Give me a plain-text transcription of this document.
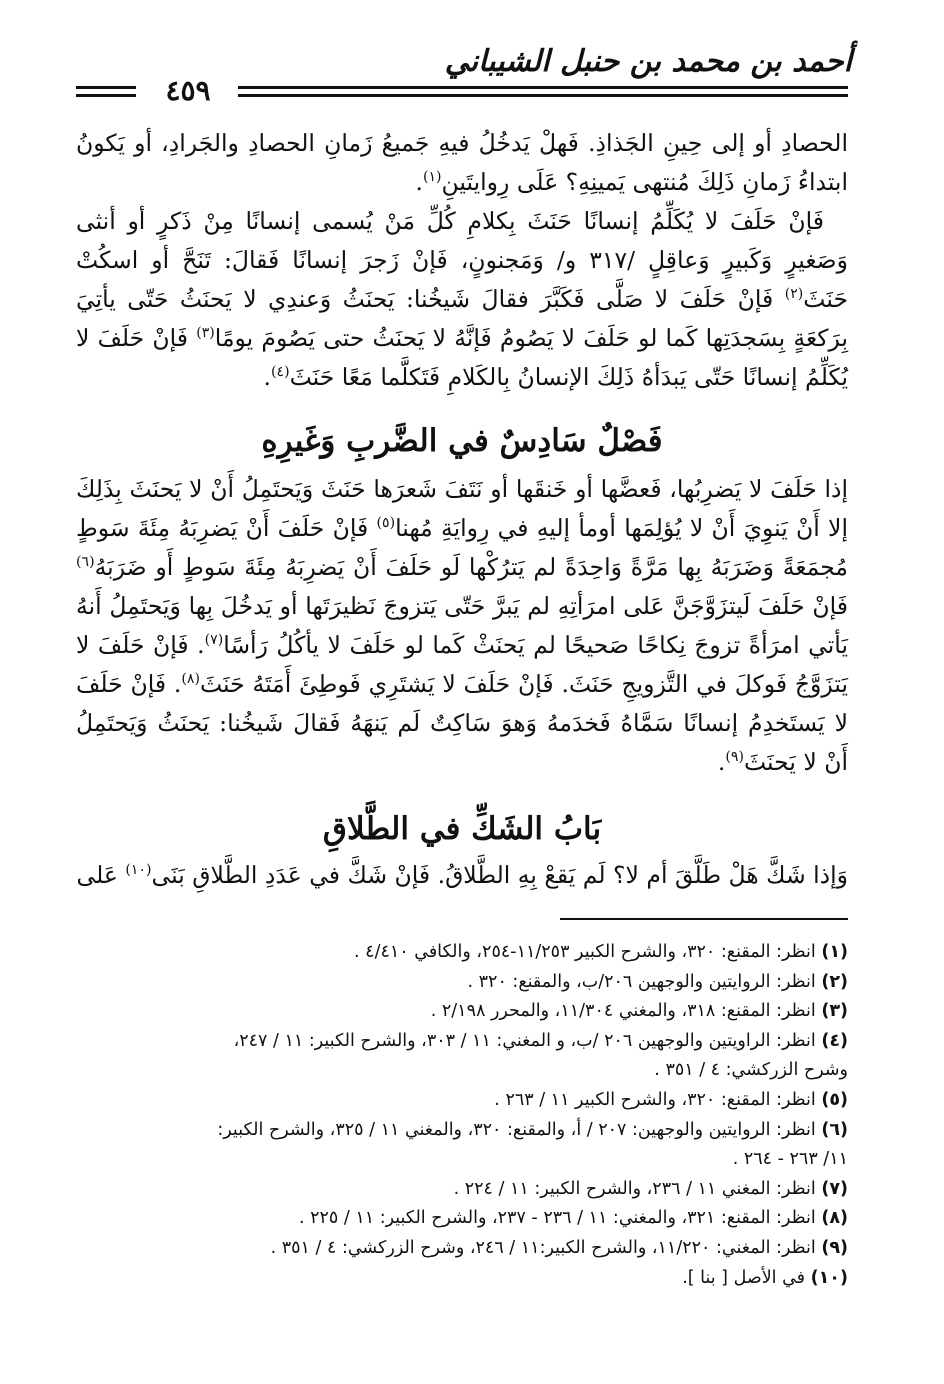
أحمد بن محمد بن حنبل الشيباني
٤٥٩

الحصادِ أو إلى حِينِ الجَذاذِ. فَهلْ يَدخُلُ فيهِ جَميعُ زَمانِ الحصادِ والجَرادِ، أو يَكونُ ابتداءُ زَمانِ ذَلِكَ مُنتهى يَمينِهِ؟ عَلَى رِوايتَينِ$^{(١)}$.

فَإنْ حَلَفَ لا يُكَلِّمُ إنسانًا حَنَثَ بِكلامِ كُلِّ مَنْ يُسمى إنسانًا مِنْ ذَكرٍ أو أنثى وَصَغيرٍ وَكَبيرٍ وَعاقِلٍ /٣١٧ و/ وَمَجنونٍ، فَإنْ زَجرَ إنسانًا فَقالَ: تَنَحَّ أو اسكُتْ حَنَثَ$^{(٢)}$ فَإنْ حَلَفَ لا صَلَّى فَكَبَّرَ فقالَ شَيخُنا: يَحنَثُ وَعندِي لا يَحنَثُ حَتّى يأتِيَ بِرَكعَةٍ بِسَجدَتِها كَما لو حَلَفَ لا يَصُومُ فَإنَّهُ لا يَحنَثُ حتى يَصُومَ يومًا$^{(٣)}$ فَإنْ حَلَفَ لا يُكَلِّمُ إنسانًا حَتّى يَبدَأهُ ذَلِكَ الإنسانُ بِالكَلامِ فَتَكلَّما مَعًا حَنَثَ$^{(٤)}$.

فَصْلٌ سَادِسٌ في الضَّربِ وَغَيرِهِ

إذا حَلَفَ لا يَضرِبُها، فَعضَّها أو خَنقَها أو نَتَفَ شَعرَها حَنَثَ وَيَحتَمِلُ أَنْ لا يَحنَثَ بِذَلِكَ إلا أَنْ يَنوِيَ أَنْ لا يُؤلِمَها أومأ إليهِ في رِوايَةِ مُهنا$^{(٥)}$ فَإنْ حَلَفَ أَنْ يَضرِبَهُ مِئَةَ سَوطٍ مُجمَعَةً وَضَرَبَهُ بِها مَرَّةً وَاحِدَةً لم يَترُكْها لَو حَلَفَ أَنْ يَضرِبَهُ مِئَةَ سَوطٍ أَو ضَرَبَهُ$^{(٦)}$ فَإنْ حَلَفَ لَيتزَوَّجَنَّ عَلى امرَأتِهِ لم يَبرَّ حَتّى يَتزوجَ نَظيرَتَها أو يَدخُلَ بِها وَيَحتَمِلُ أَنهُ يَأتي امرَأةً تزوجَ نِكاحًا صَحيحًا لم يَحنَثْ كَما لو حَلَفَ لا يأكُلُ رَأسًا$^{(٧)}$. فَإنْ حَلَفَ لا يَتزَوَّجُ فَوكلَ في التَّزويجِ حَنَثَ. فَإنْ حَلَفَ لا يَشتَرِي فَوطِئَ أَمَتَهُ حَنَثَ$^{(٨)}$. فَإنْ حَلَفَ لا يَستَخدِمُ إنسانًا سَمَّاهُ فَخدَمهُ وَهوَ سَاكِتٌ لَم يَنهَهُ فَقالَ شَيخُنا: يَحنَثُ وَيَحتَمِلُ أَنْ لا يَحنَثَ$^{(٩)}$.

بَابُ الشَكِّ في الطَّلاقِ

وَإذا شَكَّ هَلْ طَلَّقَ أم لا؟ لَم يَقعْ بِهِ الطَّلاقُ. فَإنْ شَكَّ في عَدَدِ الطَّلاقِ بَنَى$^{(١٠)}$ عَلى

(١) انظر: المقنع: ٣٢٠، والشرح الكبير ١١/٢٥٣-٢٥٤، والكافي ٤/٤١٠ .

(٢) انظر: الروايتين والوجهين ٢٠٦/ب، والمقنع: ٣٢٠ .

(٣) انظر: المقنع: ٣١٨، والمغني ١١/٣٠٤، والمحرر ٢/١٩٨ .

(٤) انظر: الراويتين والوجهين ٢٠٦ /ب، و المغني: ١١ / ٣٠٣، والشرح الكبير: ١١ / ٢٤٧،

وشرح الزركشي: ٤ / ٣٥١ .

(٥) انظر: المقنع: ٣٢٠، والشرح الكبير ١١ / ٢٦٣ .

(٦) انظر: الروايتين والوجهين: ٢٠٧ / أ، والمقنع: ٣٢٠، والمغني ١١ / ٣٢٥، والشرح الكبير:

١١/ ٢٦٣ - ٢٦٤ .

(٧) انظر: المغني ١١ / ٢٣٦، والشرح الكبير: ١١ / ٢٢٤ .

(٨) انظر: المقنع: ٣٢١، والمغني: ١١ / ٢٣٦ - ٢٣٧، والشرح الكبير: ١١ / ٢٢٥ .

(٩) انظر: المغني: ١١/٢٢٠، والشرح الكبير:١١ / ٢٤٦، وشرح الزركشي: ٤ / ٣٥١ .

(١٠) في الأصل [ بنا ].
